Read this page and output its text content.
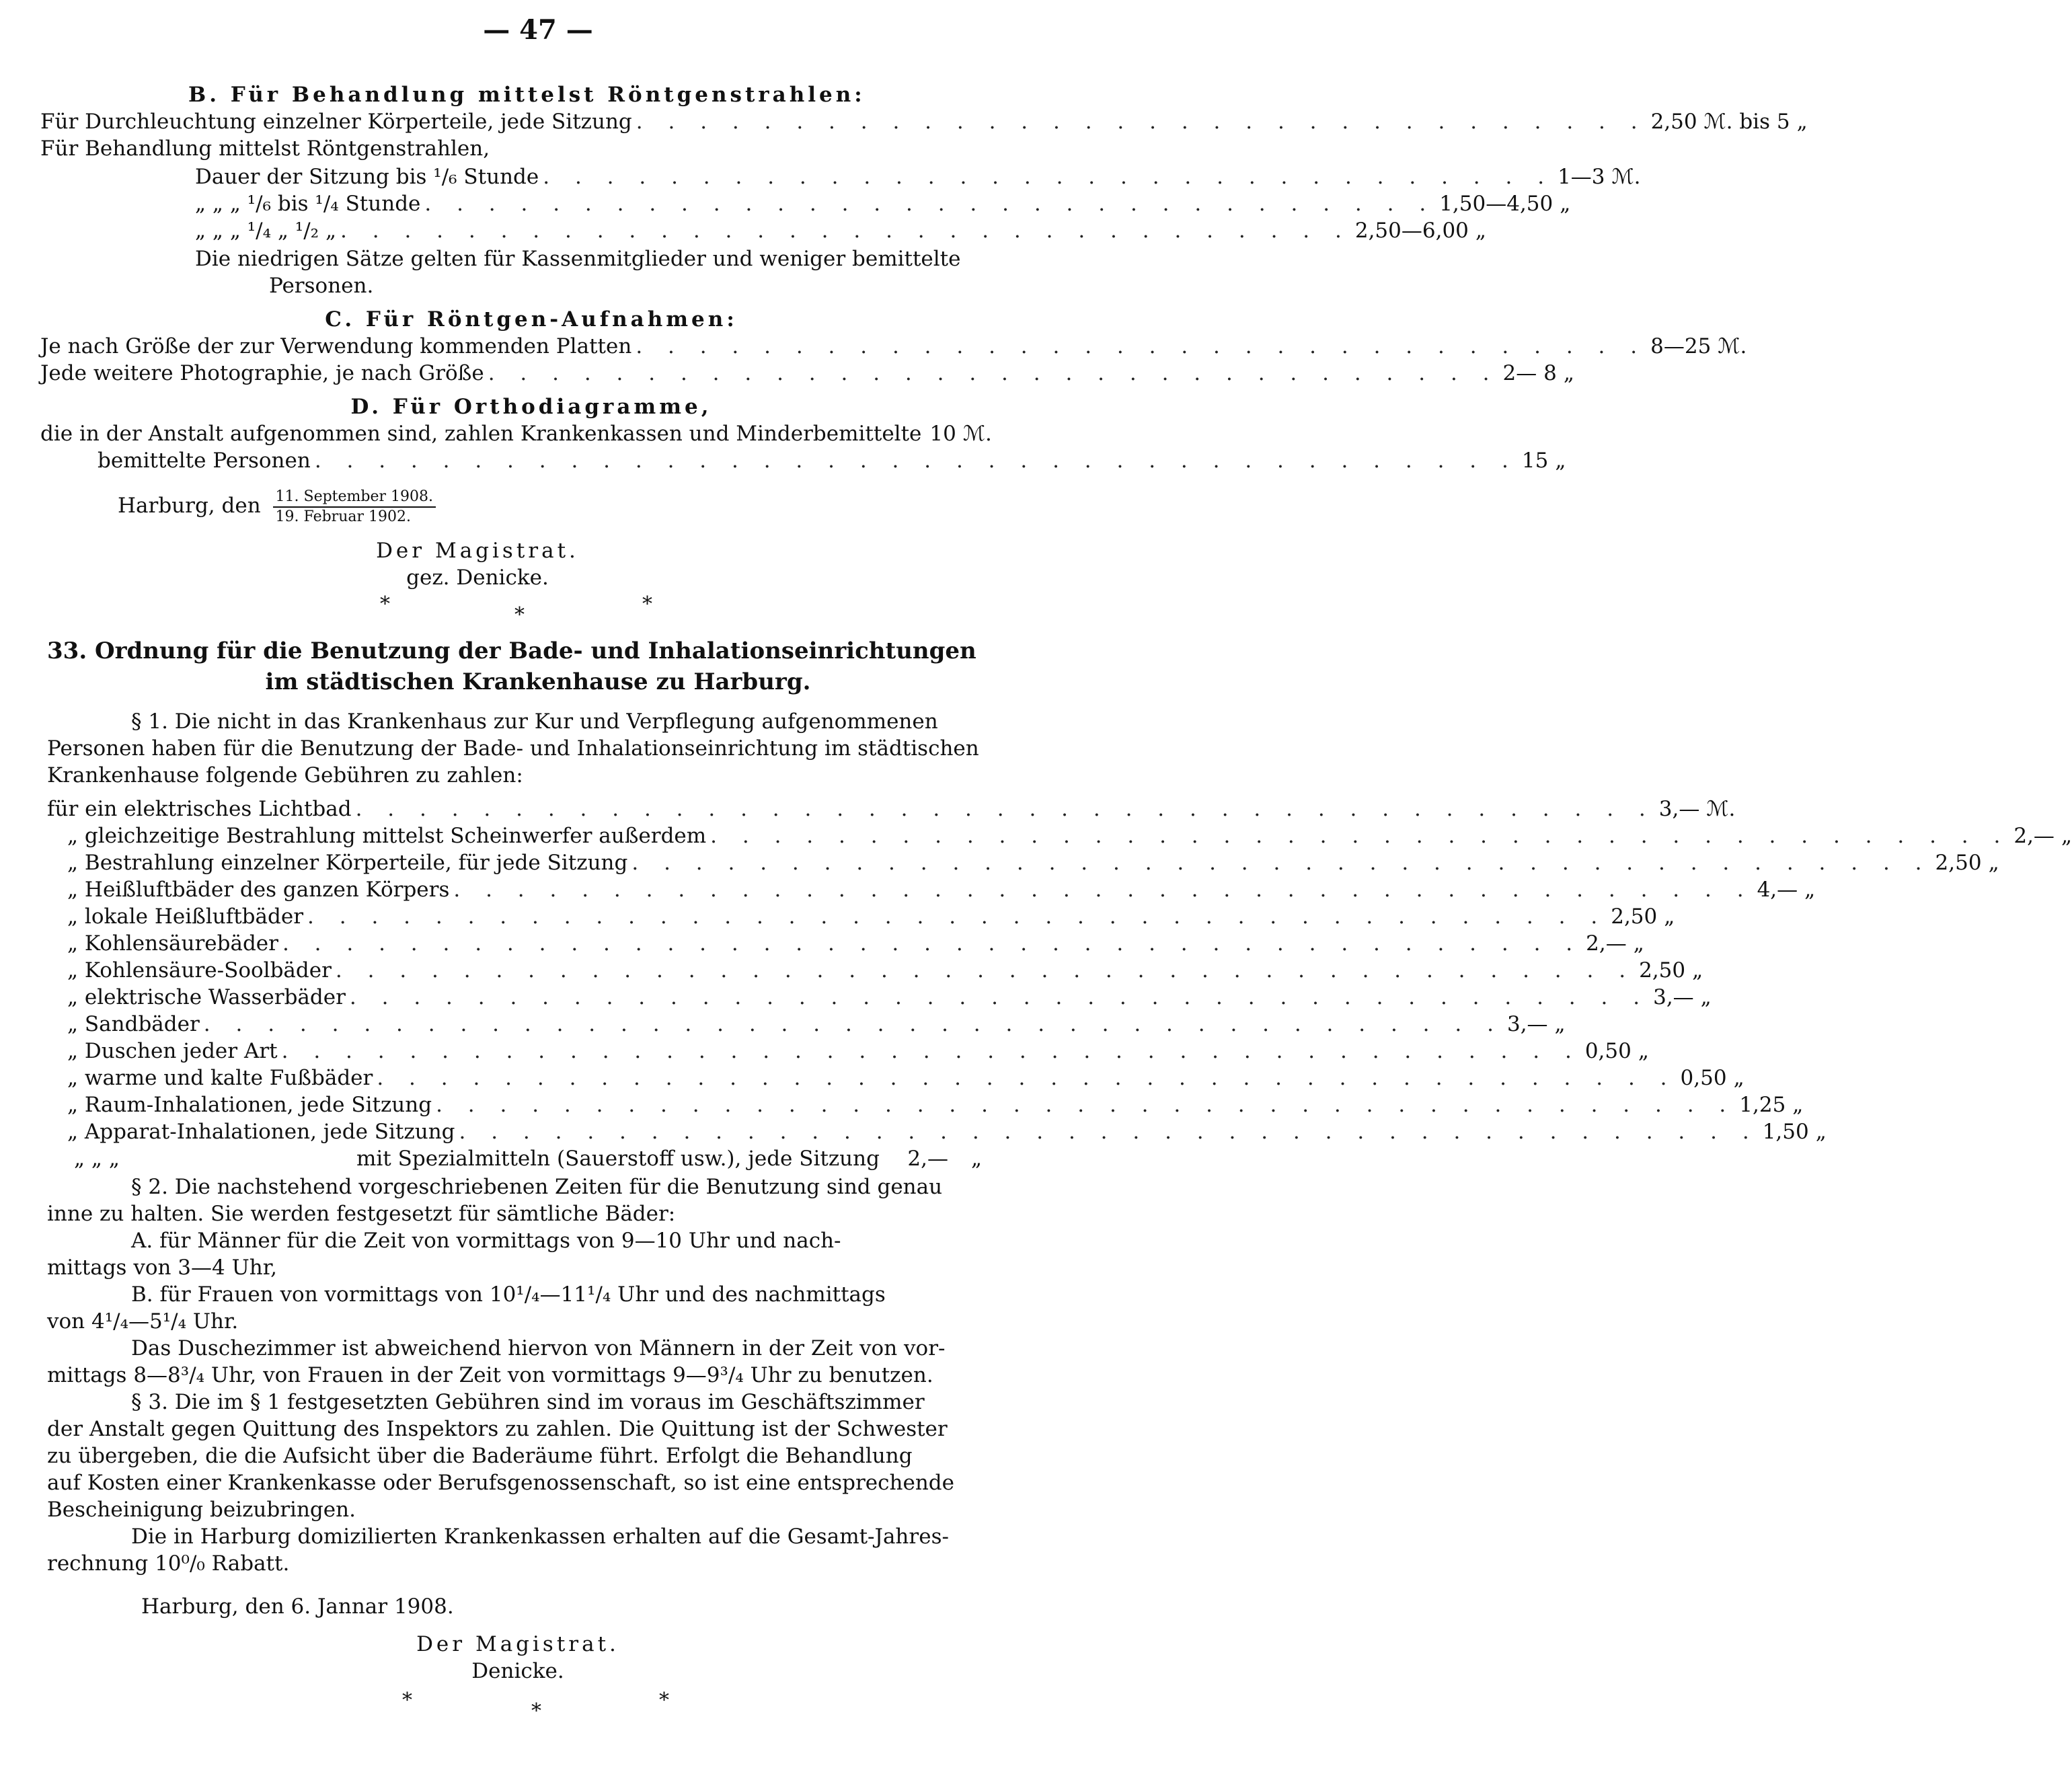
— 47 —
B. Für Behandlung mittelst Röntgenstrahlen:
Für Durchleuchtung einzelner Körperteile, jede Sitzung . . . . . . . . . . . . . . . . . . . . . . . . . . . . . . . . 2,50 ℳ. bis 5 „
Für Behandlung mittelst Röntgenstrahlen,
Dauer der Sitzung bis ¹/₆ Stunde . . . . . . . . . . . . . . . . . . . . . . . . . . . . . . . . 1—3 ℳ.
„ „ „ ¹/₆ bis ¹/₄ Stunde . . . . . . . . . . . . . . . . . . . . . . . . . . . . . . . . 1,50—4,50 „
„ „ „ ¹/₄ „ ¹/₂ „ . . . . . . . . . . . . . . . . . . . . . . . . . . . . . . . . 2,50—6,00 „
Die niedrigen Sätze gelten für Kassenmitglieder und weniger bemittelte
Personen.
C. Für Röntgen-Aufnahmen:
Je nach Größe der zur Verwendung kommenden Platten . . . . . . . . . . . . . . . . . . . . . . . . . . . . . . . . 8—25 ℳ.
Jede weitere Photographie, je nach Größe . . . . . . . . . . . . . . . . . . . . . . . . . . . . . . . . 2— 8 „
D. Für Orthodiagramme,
die in der Anstalt aufgenommen sind, zahlen Krankenkassen und Minderbemittelte 10 ℳ.
bemittelte Personen . . . . . . . . . . . . . . . . . . . . . . . . . . . . . . . . . . . . . . 15 „
Harburg, den $\frac{\text{11. September 1908.}}{\text{19. Februar 1902.}}$
Der Magistrat.
gez. Denicke.
*	*	*
33. Ordnung für die Benutzung der Bade- und Inhalationseinrichtungen
im städtischen Krankenhause zu Harburg.
§ 1. Die nicht in das Krankenhaus zur Kur und Verpflegung aufgenommenen
Personen haben für die Benutzung der Bade- und Inhalationseinrichtung im städtischen
Krankenhause folgende Gebühren zu zahlen:
für ein elektrisches Lichtbad . . . . . . . . . . . . . . . . . . . . . . . . . . . . . . . . . . . . . . . . . 3,— ℳ.
„ gleichzeitige Bestrahlung mittelst Scheinwerfer außerdem . . . . . . . . . . . . . . . . . . . . . . . . . . . . . . . . . . . . . . . . . 2,— „
„ Bestrahlung einzelner Körperteile, für jede Sitzung . . . . . . . . . . . . . . . . . . . . . . . . . . . . . . . . . . . . . . . . . 2,50 „
„ Heißluftbäder des ganzen Körpers . . . . . . . . . . . . . . . . . . . . . . . . . . . . . . . . . . . . . . . . . 4,— „
„ lokale Heißluftbäder . . . . . . . . . . . . . . . . . . . . . . . . . . . . . . . . . . . . . . . . . 2,50 „
„ Kohlensäurebäder . . . . . . . . . . . . . . . . . . . . . . . . . . . . . . . . . . . . . . . . . 2,— „
„ Kohlensäure-Soolbäder . . . . . . . . . . . . . . . . . . . . . . . . . . . . . . . . . . . . . . . . . 2,50 „
„ elektrische Wasserbäder . . . . . . . . . . . . . . . . . . . . . . . . . . . . . . . . . . . . . . . . . 3,— „
„ Sandbäder . . . . . . . . . . . . . . . . . . . . . . . . . . . . . . . . . . . . . . . . . 3,— „
„ Duschen jeder Art . . . . . . . . . . . . . . . . . . . . . . . . . . . . . . . . . . . . . . . . . 0,50 „
„ warme und kalte Fußbäder . . . . . . . . . . . . . . . . . . . . . . . . . . . . . . . . . . . . . . . . . 0,50 „
„ Raum-Inhalationen, jede Sitzung . . . . . . . . . . . . . . . . . . . . . . . . . . . . . . . . . . . . . . . . . 1,25 „
„ Apparat-Inhalationen, jede Sitzung . . . . . . . . . . . . . . . . . . . . . . . . . . . . . . . . . . . . . . . . . 1,50 „
„ „ „	mit Spezialmitteln (Sauerstoff usw.), jede Sitzung 2,—	„
§ 2. Die nachstehend vorgeschriebenen Zeiten für die Benutzung sind genau
inne zu halten. Sie werden festgesetzt für sämtliche Bäder:
A. für Männer für die Zeit von vormittags von 9—10 Uhr und nach-
mittags von 3—4 Uhr,
B. für Frauen von vormittags von 10¹/₄—11¹/₄ Uhr und des nachmittags
von 4¹/₄—5¹/₄ Uhr.
Das Duschezimmer ist abweichend hiervon von Männern in der Zeit von vor-
mittags 8—8³/₄ Uhr, von Frauen in der Zeit von vormittags 9—9³/₄ Uhr zu benutzen.
§ 3. Die im § 1 festgesetzten Gebühren sind im voraus im Geschäftszimmer
der Anstalt gegen Quittung des Inspektors zu zahlen. Die Quittung ist der Schwester
zu übergeben, die die Aufsicht über die Baderäume führt. Erfolgt die Behandlung
auf Kosten einer Krankenkasse oder Berufsgenossenschaft, so ist eine entsprechende
Bescheinigung beizubringen.
Die in Harburg domizilierten Krankenkassen erhalten auf die Gesamt-Jahres-
rechnung 10⁰/₀ Rabatt.
Harburg, den 6. Jannar 1908.
Der Magistrat.
Denicke.
*	*	*
